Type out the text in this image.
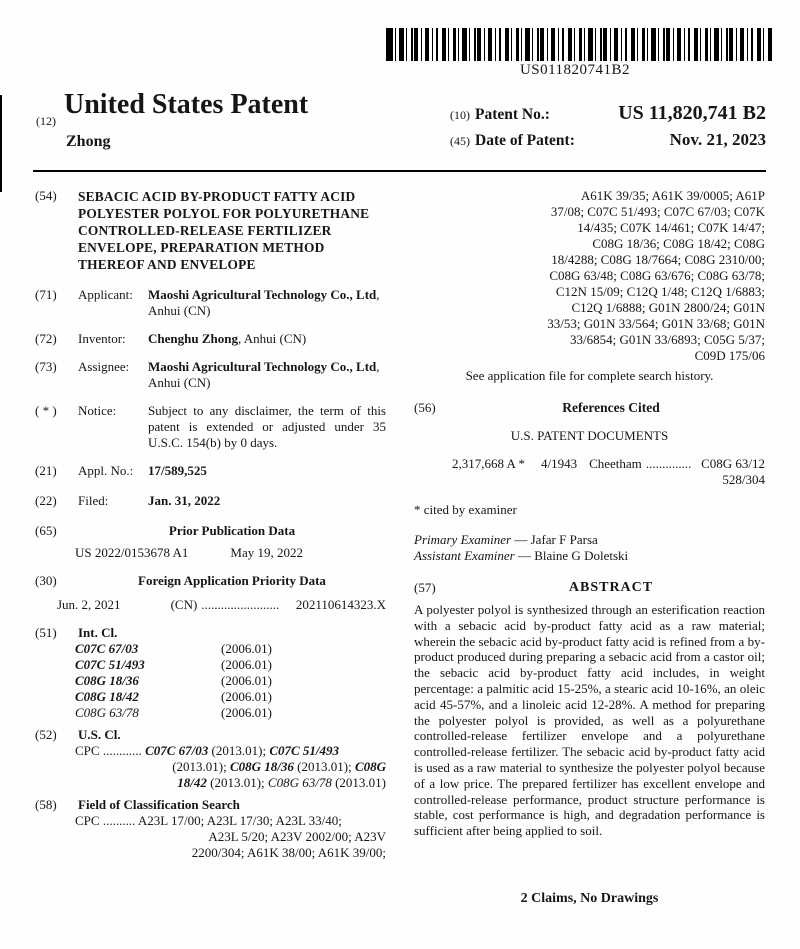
US011820741B2
(12)
United States Patent
Zhong
(10) Patent No.:	US 11,820,741 B2
(45) Date of Patent:	Nov. 21, 2023
(54)	SEBACIC ACID BY-PRODUCT FATTY ACID POLYESTER POLYOL FOR POLYURETHANE CONTROLLED-RELEASE FERTILIZER ENVELOPE, PREPARATION METHOD THEREOF AND ENVELOPE
(71)	Applicant:	Maoshi Agricultural Technology Co., Ltd, Anhui (CN)
(72)	Inventor:	Chenghu Zhong, Anhui (CN)
(73)	Assignee:	Maoshi Agricultural Technology Co., Ltd, Anhui (CN)
( * )	Notice:	Subject to any disclaimer, the term of this patent is extended or adjusted under 35 U.S.C. 154(b) by 0 days.
(21)	Appl. No.:	17/589,525
(22)	Filed:	Jan. 31, 2022
(65)	Prior Publication Data
US 2022/0153678 A1	May 19, 2022
(30)	Foreign Application Priority Data
Jun. 2, 2021	(CN) ........................	202110614323.X
(51)	Int. Cl.
C07C 67/03	(2006.01)
C07C 51/493	(2006.01)
C08G 18/36	(2006.01)
C08G 18/42	(2006.01)
C08G 63/78	(2006.01)
(52)	U.S. Cl.
CPC ............ C07C 67/03 (2013.01); C07C 51/493
(2013.01); C08G 18/36 (2013.01); C08G
18/42 (2013.01); C08G 63/78 (2013.01)
(58)	Field of Classification Search
CPC .......... A23L 17/00; A23L 17/30; A23L 33/40;
A23L 5/20; A23V 2002/00; A23V
2200/304; A61K 38/00; A61K 39/00;
A61K 39/35; A61K 39/0005; A61P
37/08; C07C 51/493; C07C 67/03; C07K
14/435; C07K 14/461; C07K 14/47;
C08G 18/36; C08G 18/42; C08G
18/4288; C08G 18/7664; C08G 2310/00;
C08G 63/48; C08G 63/676; C08G 63/78;
C12N 15/09; C12Q 1/48; C12Q 1/6883;
C12Q 1/6888; G01N 2800/24; G01N
33/53; G01N 33/564; G01N 33/68; G01N
33/6854; G01N 33/6893; C05G 5/37;
C09D 175/06
See application file for complete search history.
(56)	References Cited
U.S. PATENT DOCUMENTS
2,317,668 A * 4/1943 Cheetham .............. C08G 63/12
528/304
* cited by examiner
Primary Examiner — Jafar F Parsa
Assistant Examiner — Blaine G Doletski
(57)	ABSTRACT
A polyester polyol is synthesized through an esterification reaction with a sebacic acid by-product fatty acid as a raw material; wherein the sebacic acid by-product fatty acid is refined from a by-product produced during preparing a sebacic acid from a castor oil; the sebacic acid by-product fatty acid includes, in weight percentage: a palmitic acid 15-25%, a stearic acid 10-16%, an oleic acid 45-57%, and a linoleic acid 12-28%. A method for preparing the polyester polyol is provided, as well as a polyurethane controlled-release fertilizer envelope and a polyurethane controlled-release fertilizer. The sebacic acid by-product fatty acid is used as a raw material to synthesize the polyester polyol because of a low price. The prepared fertilizer has excellent envelope and controlled-release performance, product structure performance is stable, cost performance is high, and degradation performance is sufficient after being applied to soil.
2 Claims, No Drawings
